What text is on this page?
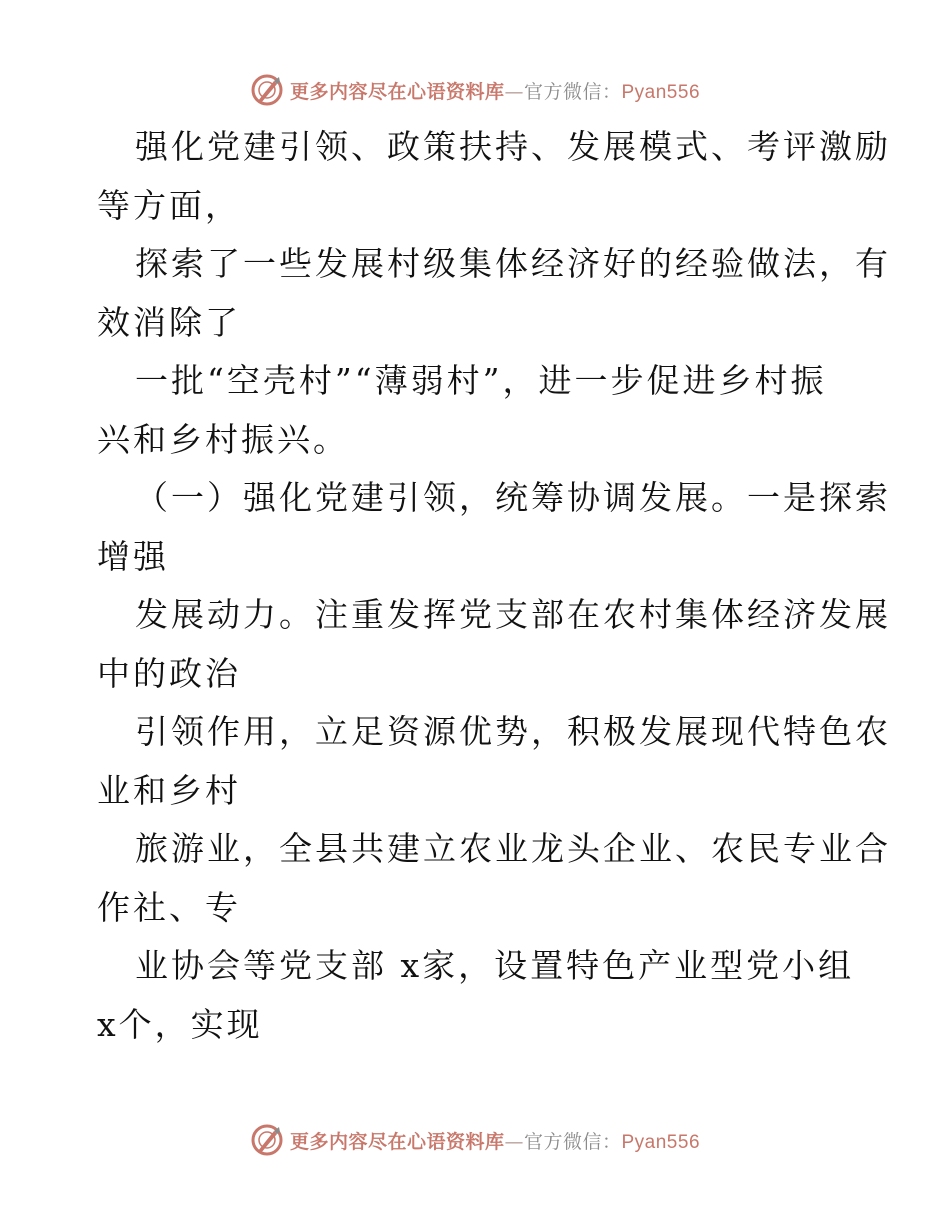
更多内容尽在心语资料库—官方微信：Pyan556

强化党建引领、政策扶持、发展模式、考评激励

等方面，

探索了一些发展村级集体经济好的经验做法，有

效消除了

一批“空壳村”“薄弱村”，进一步促进乡村振

兴和乡村振兴。

（一）强化党建引领，统筹协调发展。一是探索

增强

发展动力。注重发挥党支部在农村集体经济发展

中的政治

引领作用，立足资源优势，积极发展现代特色农

业和乡村

旅游业，全县共建立农业龙头企业、农民专业合

作社、专

业协会等党支部 x家，设置特色产业型党小组

x个，实现

更多内容尽在心语资料库—官方微信：Pyan556
